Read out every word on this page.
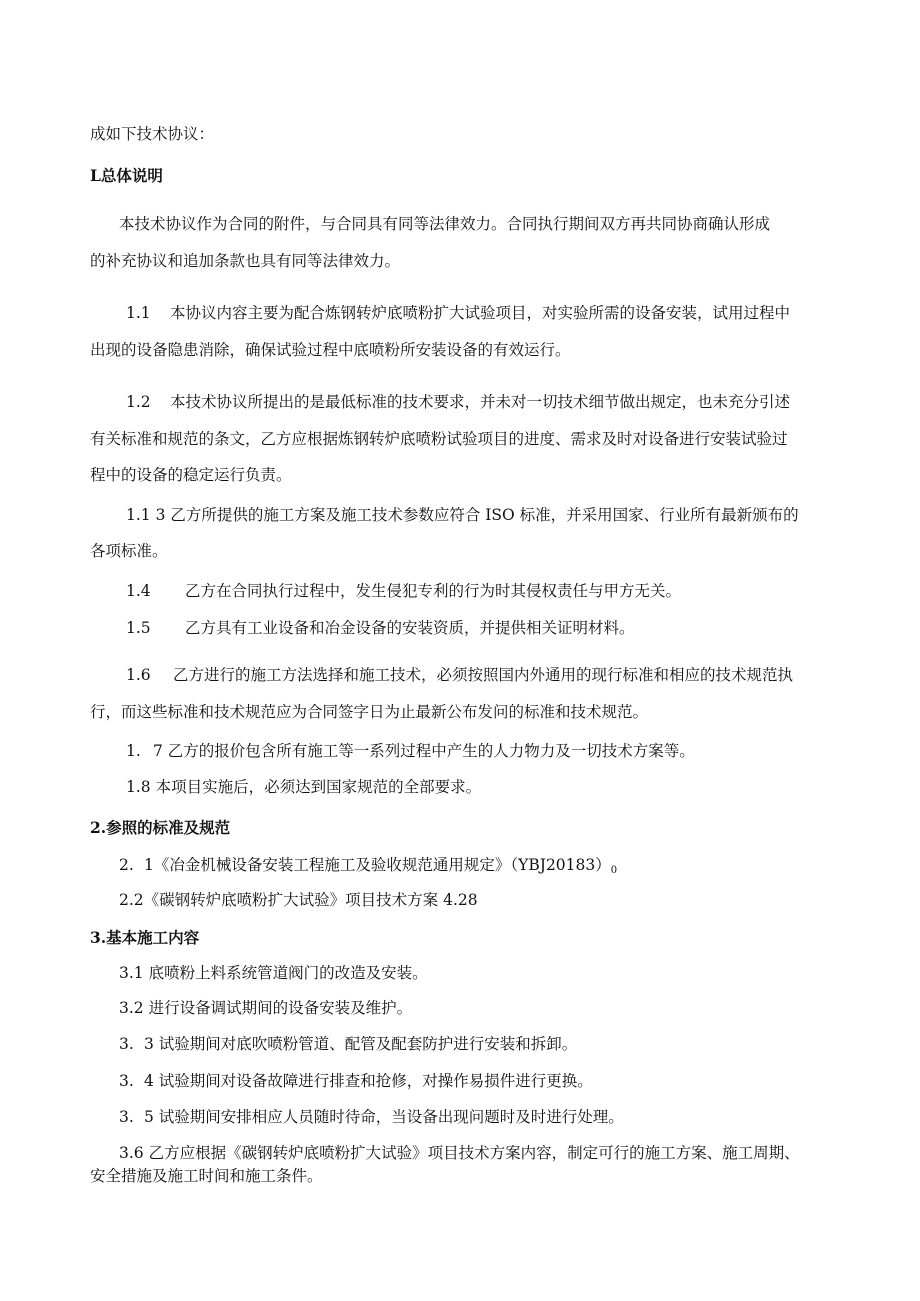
成如下技术协议：
L总体说明
本技术协议作为合同的附件，与合同具有同等法律效力。合同执行期间双方再共同协商确认形成
的补充协议和追加条款也具有同等法律效力。
1.1 本协议内容主要为配合炼钢转炉底喷粉扩大试验项目，对实验所需的设备安装，试用过程中
出现的设备隐患消除，确保试验过程中底喷粉所安装设备的有效运行。
1.2 本技术协议所提出的是最低标准的技术要求，并未对一切技术细节做出规定，也未充分引述
有关标准和规范的条文，乙方应根据炼钢转炉底喷粉试验项目的进度、需求及时对设备进行安装试验过
程中的设备的稳定运行负责。
1.1 3 乙方所提供的施工方案及施工技术参数应符合 ISO 标准，并采用国家、行业所有最新颁布的
各项标准。
1.4 乙方在合同执行过程中，发生侵犯专利的行为时其侵权责任与甲方无关。
1.5 乙方具有工业设备和冶金设备的安装资质，并提供相关证明材料。
1.6 乙方进行的施工方法选择和施工技术，必须按照国内外通用的现行标准和相应的技术规范执
行，而这些标准和技术规范应为合同签字日为止最新公布发问的标准和技术规范。
1. 7 乙方的报价包含所有施工等一系列过程中产生的人力物力及一切技术方案等。
1.8 本项目实施后，必须达到国家规范的全部要求。
2.参照的标准及规范
2. 1《冶金机械设备安装工程施工及验收规范通用规定》$(YBJ20183)_0$
2.2《碳钢转炉底喷粉扩大试验》项目技术方案 4.28
3.基本施工内容
3.1 底喷粉上料系统管道阀门的改造及安装。
3.2 进行设备调试期间的设备安装及维护。
3. 3 试验期间对底吹喷粉管道、配管及配套防护进行安装和拆卸。
3. 4 试验期间对设备故障进行排查和抢修，对操作易损件进行更换。
3. 5 试验期间安排相应人员随时待命，当设备出现问题时及时进行处理。
3.6 乙方应根据《碳钢转炉底喷粉扩大试验》项目技术方案内容，制定可行的施工方案、施工周期、
安全措施及施工时间和施工条件。
